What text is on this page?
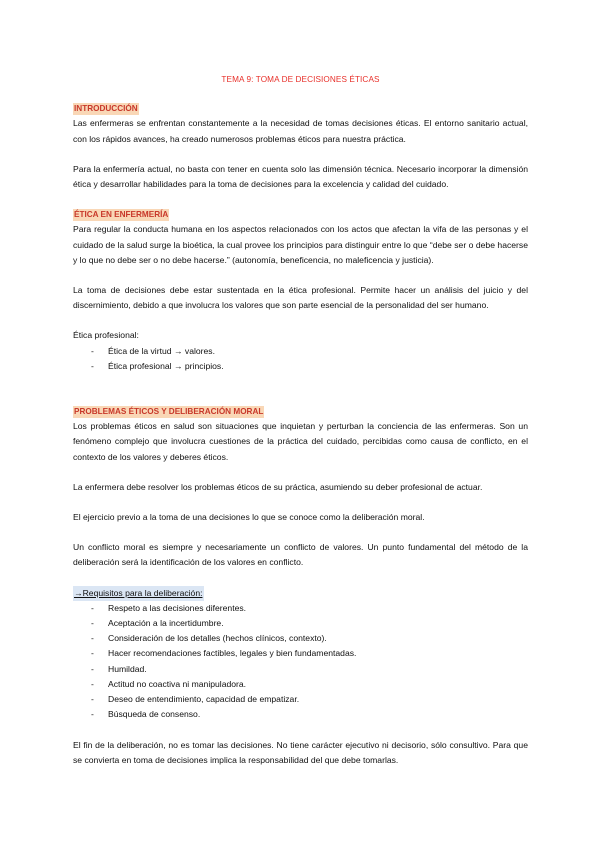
TEMA 9: TOMA DE DECISIONES ÉTICAS
INTRODUCCIÓN

Las enfermeras se enfrentan constantemente a la necesidad de tomas decisiones éticas. El entorno sanitario actual, con los rápidos avances, ha creado numerosos problemas éticos para nuestra práctica.

Para la enfermería actual, no basta con tener en cuenta solo las dimensión técnica. Necesario incorporar la dimensión ética y desarrollar habilidades para la toma de decisiones para la excelencia y calidad del cuidado.

ÉTICA EN ENFERMERÍA

Para regular la conducta humana en los aspectos relacionados con los actos que afectan la vifa de las personas y el cuidado de la salud surge la bioética, la cual provee los principios para distinguir entre lo que “debe ser o debe hacerse y lo que no debe ser o no debe hacerse.” (autonomía, beneficencia, no maleficencia y justicia).

La toma de decisiones debe estar sustentada en la ética profesional. Permite hacer un análisis del juicio y del discernimiento, debido a que involucra los valores que son parte esencial de la personalidad del ser humano.

Ética profesional:

- Ética de la virtud → valores.
- Ética profesional → principios.
PROBLEMAS ÉTICOS Y DELIBERACIÓN MORAL

Los problemas éticos en salud son situaciones que inquietan y perturban la conciencia de las enfermeras. Son un fenómeno complejo que involucra cuestiones de la práctica del cuidado, percibidas como causa de conflicto, en el contexto de los valores y deberes éticos.

La enfermera debe resolver los problemas éticos de su práctica, asumiendo su deber profesional de actuar.

El ejercicio previo a la toma de una decisiones lo que se conoce como la deliberación moral.

Un conflicto moral es siempre y necesariamente un conflicto de valores. Un punto fundamental del método de la deliberación será la identificación de los valores en conflicto.

→Requisitos para la deliberación:
- Respeto a las decisiones diferentes.
- Aceptación a la incertidumbre.
- Consideración de los detalles (hechos clínicos, contexto).
- Hacer recomendaciones factibles, legales y bien fundamentadas.
- Humildad.
- Actitud no coactiva ni manipuladora.
- Deseo de entendimiento, capacidad de empatizar.
- Búsqueda de consenso.

El fin de la deliberación, no es tomar las decisiones. No tiene carácter ejecutivo ni decisorio, sólo consultivo. Para que se convierta en toma de decisiones implica la responsabilidad del que debe tomarlas.
